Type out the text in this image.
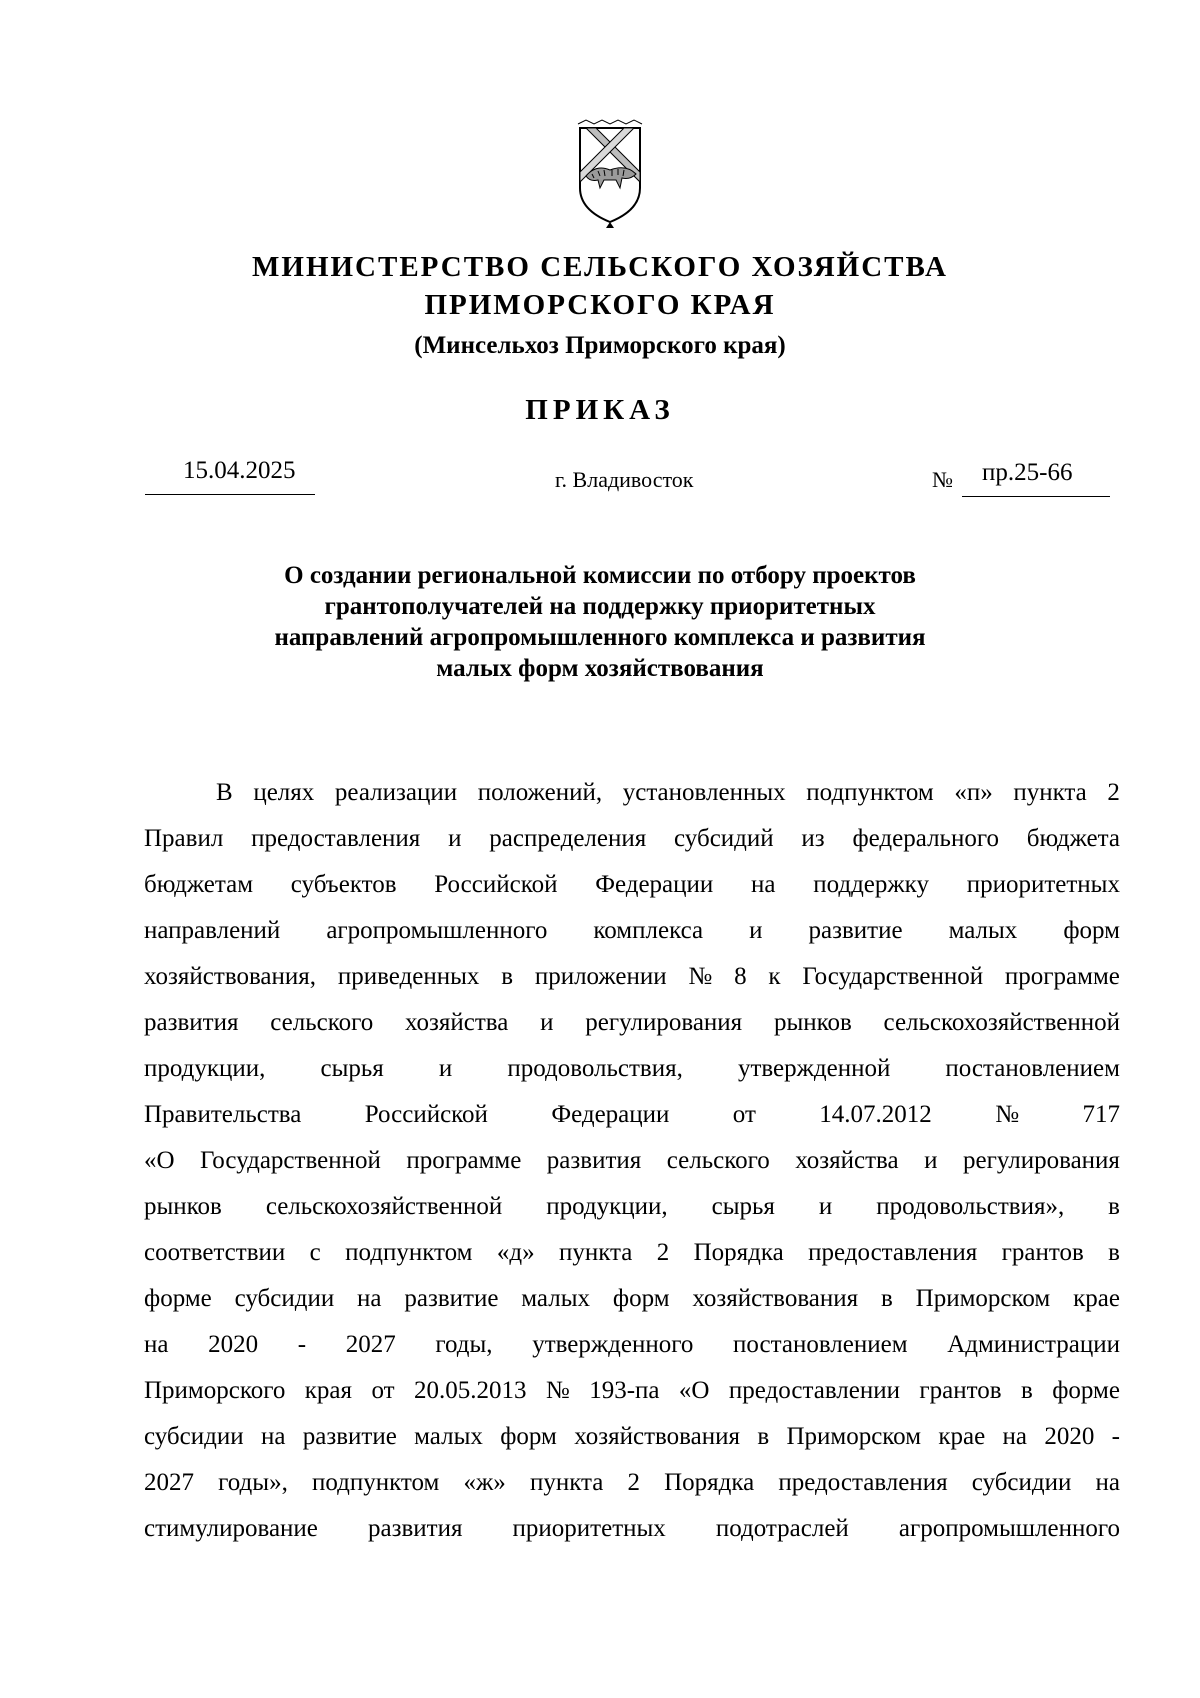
МИНИСТЕРСТВО СЕЛЬСКОГО ХОЗЯЙСТВА
ПРИМОРСКОГО КРАЯ
(Минсельхоз Приморского края)
ПРИКАЗ
15.04.2025	г. Владивосток	№ пр.25-66
О создании региональной комиссии по отбору проектов
грантополучателей на поддержку приоритетных
направлений агропромышленного комплекса и развития
малых форм хозяйствования
В целях реализации положений, установленных подпунктом «п» пункта 2
Правил предоставления и распределения субсидий из федерального бюджета
бюджетам субъектов Российской Федерации на поддержку приоритетных
направлений агропромышленного комплекса и развитие малых форм
хозяйствования, приведенных в приложении № 8 к Государственной программе
развития сельского хозяйства и регулирования рынков сельскохозяйственной
продукции, сырья и продовольствия, утвержденной постановлением
Правительства	Российской	Федерации	от	14.07.2012	№	717
«О Государственной программе развития сельского хозяйства и регулирования
рынков сельскохозяйственной продукции, сырья и продовольствия», в
соответствии с подпунктом «д» пункта 2 Порядка предоставления грантов в
форме субсидии на развитие малых форм хозяйствования в Приморском крае
на 2020 - 2027 годы, утвержденного постановлением Администрации
Приморского края от 20.05.2013 № 193-па «О предоставлении грантов в форме
субсидии на развитие малых форм хозяйствования в Приморском крае на 2020 -
2027 годы», подпунктом «ж» пункта 2 Порядка предоставления субсидии на
стимулирование развития приоритетных подотраслей агропромышленного
